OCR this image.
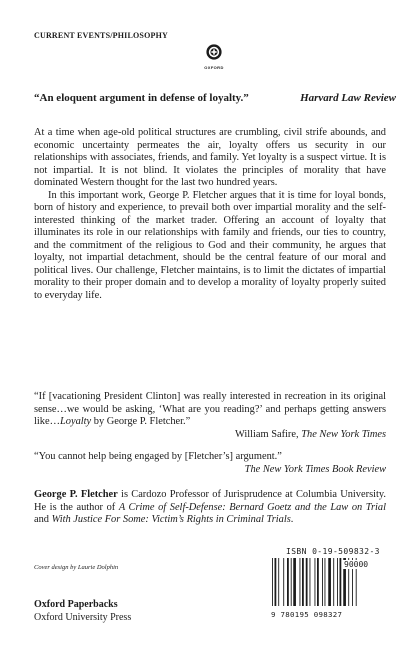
CURRENT EVENTS/PHILOSOPHY
OXFORD
“An eloquent argument in defense of loyalty.”	Harvard Law Review

At a time when age-old political structures are crumbling, civil strife abounds, and economic uncertainty permeates the air, loyalty offers us security in our relationships with associates, friends, and family. Yet loyalty is a suspect virtue. It is not impartial. It is not blind. It violates the principles of morality that have dominated Western thought for the last two hundred years.

In this important work, George P. Fletcher argues that it is time for loyal bonds, born of history and experience, to prevail both over impartial morality and the self-interested thinking of the market trader. Offering an account of loyalty that illuminates its role in our relationships with family and friends, our ties to country, and the commitment of the religious to God and their community, he argues that loyalty, not impartial detachment, should be the central feature of our moral and political lives. Our challenge, Fletcher maintains, is to limit the dictates of impartial morality to their proper domain and to develop a morality of loyalty properly suited to everyday life.

“If [vacationing President Clinton] was really interested in recreation in its original sense…we would be asking, ‘What are you reading?’ and perhaps getting answers like…Loyalty by George P. Fletcher.”
William Safire, The New York Times
“You cannot help being engaged by [Fletcher’s] argument.”
The New York Times Book Review
George P. Fletcher is Cardozo Professor of Jurisprudence at Columbia University. He is the author of A Crime of Self-Defense: Bernard Goetz and the Law on Trial and With Justice For Some: Victim’s Rights in Criminal Trials.
Cover design by Laurie Dolphin
Oxford Paperbacks
Oxford University Press
ISBN 0-19-509832-3
90000
9 780195 098327
